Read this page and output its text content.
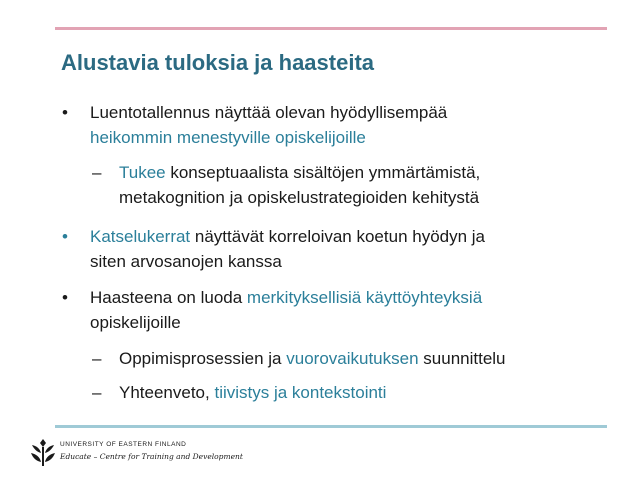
Alustavia tuloksia ja haasteita
• Luentotallennus näyttää olevan hyödyllisempää
heikommin menestyville opiskelijoille
– Tukee konseptuaalista sisältöjen ymmärtämistä,
metakognition ja opiskelustrategioiden kehitystä
• Katselukerrat näyttävät korreloivan koetun hyödyn ja
siten arvosanojen kanssa
• Haasteena on luoda merkityksellisiä käyttöyhteyksiä
opiskelijoille
– Oppimisprosessien ja vuorovaikutuksen suunnittelu
– Yhteenveto, tiivistys ja kontekstointi
UNIVERSITY OF EASTERN FINLAND
Educate – Centre for Training and Development
